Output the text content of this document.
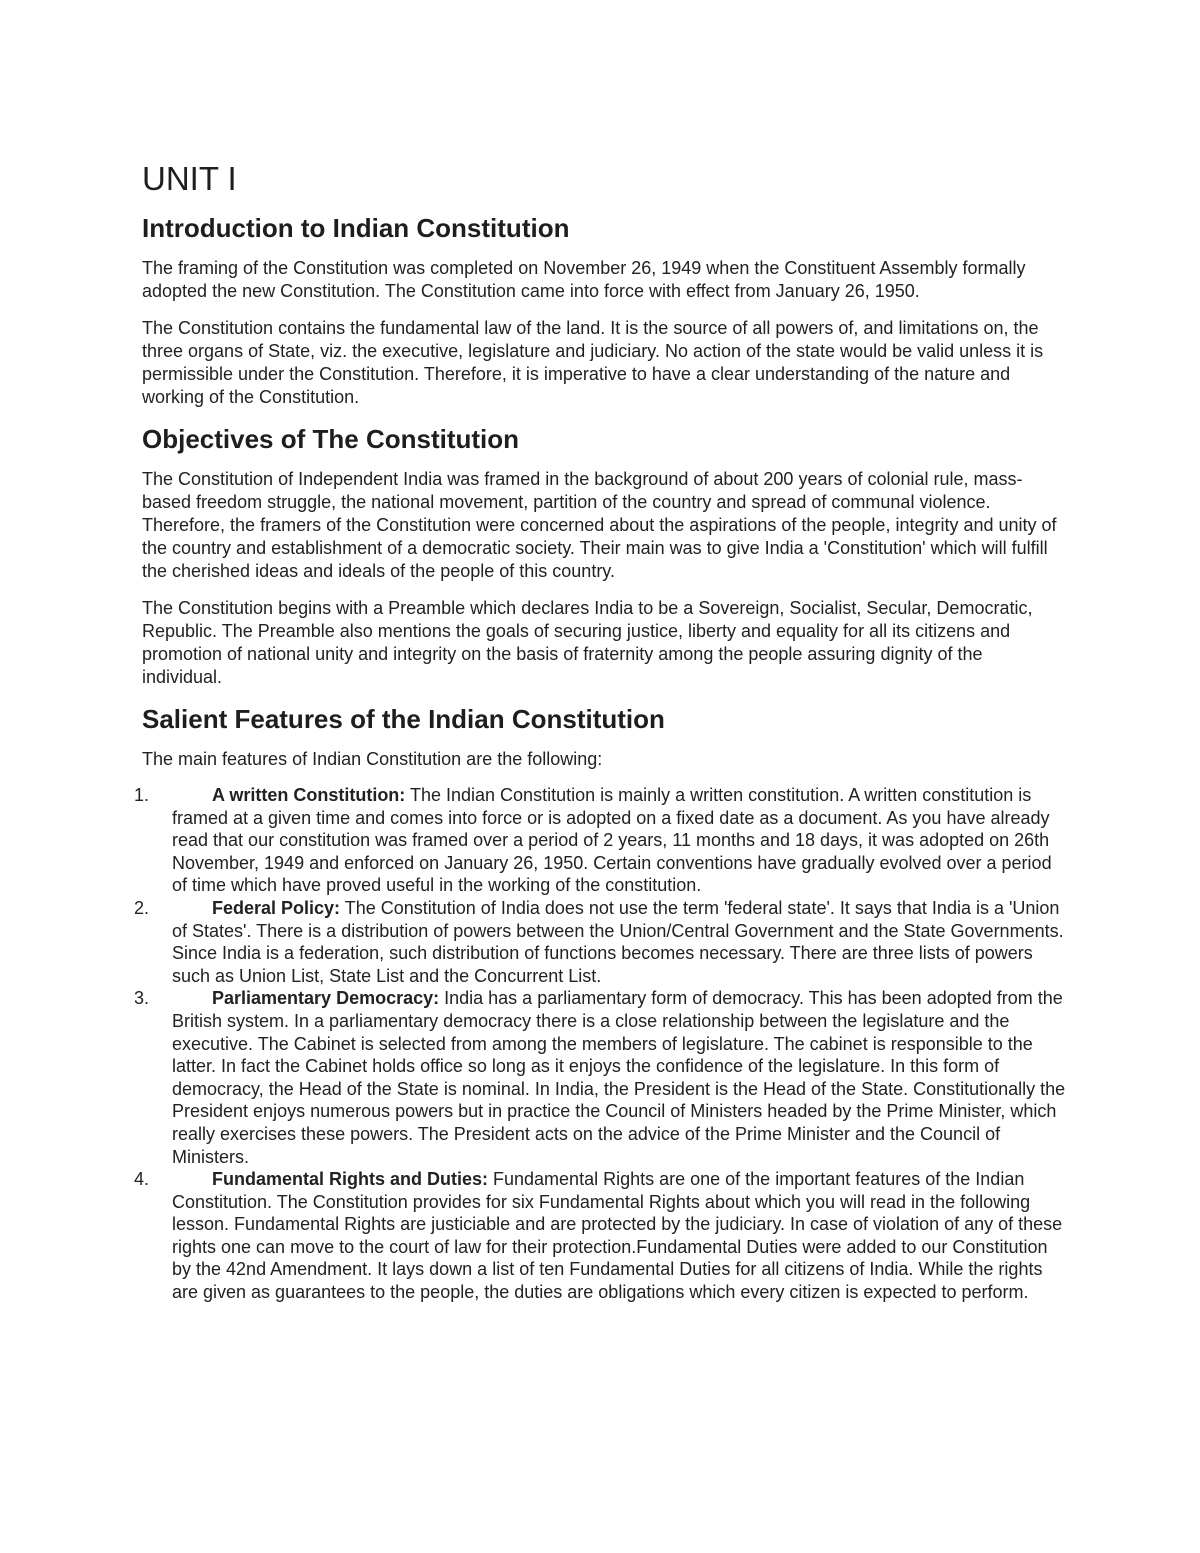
UNIT I
Introduction to Indian Constitution

The framing of the Constitution was completed on November 26, 1949 when the Constituent Assembly formally adopted the new Constitution. The Constitution came into force with effect from January 26, 1950.

The Constitution contains the fundamental law of the land. It is the source of all powers of, and limitations on, the three organs of State, viz. the executive, legislature and judiciary. No action of the state would be valid unless it is permissible under the Constitution. Therefore, it is imperative to have a clear understanding of the nature and working of the Constitution.

Objectives of The Constitution

The Constitution of Independent India was framed in the background of about 200 years of colonial rule, mass-based freedom struggle, the national movement, partition of the country and spread of communal violence. Therefore, the framers of the Constitution were concerned about the aspirations of the people, integrity and unity of the country and establishment of a democratic society. Their main was to give India a 'Constitution' which will fulfill the cherished ideas and ideals of the people of this country.

The Constitution begins with a Preamble which declares India to be a Sovereign, Socialist, Secular, Democratic, Republic. The Preamble also mentions the goals of securing justice, liberty and equality for all its citizens and promotion of national unity and integrity on the basis of fraternity among the people assuring dignity of the individual.

Salient Features of the Indian Constitution

The main features of Indian Constitution are the following:

1.	A written Constitution: The Indian Constitution is mainly a written constitution. A written constitution is framed at a given time and comes into force or is adopted on a fixed date as a document. As you have already read that our constitution was framed over a period of 2 years, 11 months and 18 days, it was adopted on 26th November, 1949 and enforced on January 26, 1950. Certain conventions have gradually evolved over a period of time which have proved useful in the working of the constitution.
2.	Federal Policy: The Constitution of India does not use the term 'federal state'. It says that India is a 'Union of States'. There is a distribution of powers between the Union/Central Government and the State Governments. Since India is a federation, such distribution of functions becomes necessary. There are three lists of powers such as Union List, State List and the Concurrent List.
3.	Parliamentary Democracy: India has a parliamentary form of democracy. This has been adopted from the British system. In a parliamentary democracy there is a close relationship between the legislature and the executive. The Cabinet is selected from among the members of legislature. The cabinet is responsible to the latter. In fact the Cabinet holds office so long as it enjoys the confidence of the legislature. In this form of democracy, the Head of the State is nominal. In India, the President is the Head of the State. Constitutionally the President enjoys numerous powers but in practice the Council of Ministers headed by the Prime Minister, which really exercises these powers. The President acts on the advice of the Prime Minister and the Council of Ministers.
4.	Fundamental Rights and Duties: Fundamental Rights are one of the important features of the Indian Constitution. The Constitution provides for six Fundamental Rights about which you will read in the following lesson. Fundamental Rights are justiciable and are protected by the judiciary. In case of violation of any of these rights one can move to the court of law for their protection.Fundamental Duties were added to our Constitution by the 42nd Amendment. It lays down a list of ten Fundamental Duties for all citizens of India. While the rights are given as guarantees to the people, the duties are obligations which every citizen is expected to perform.
